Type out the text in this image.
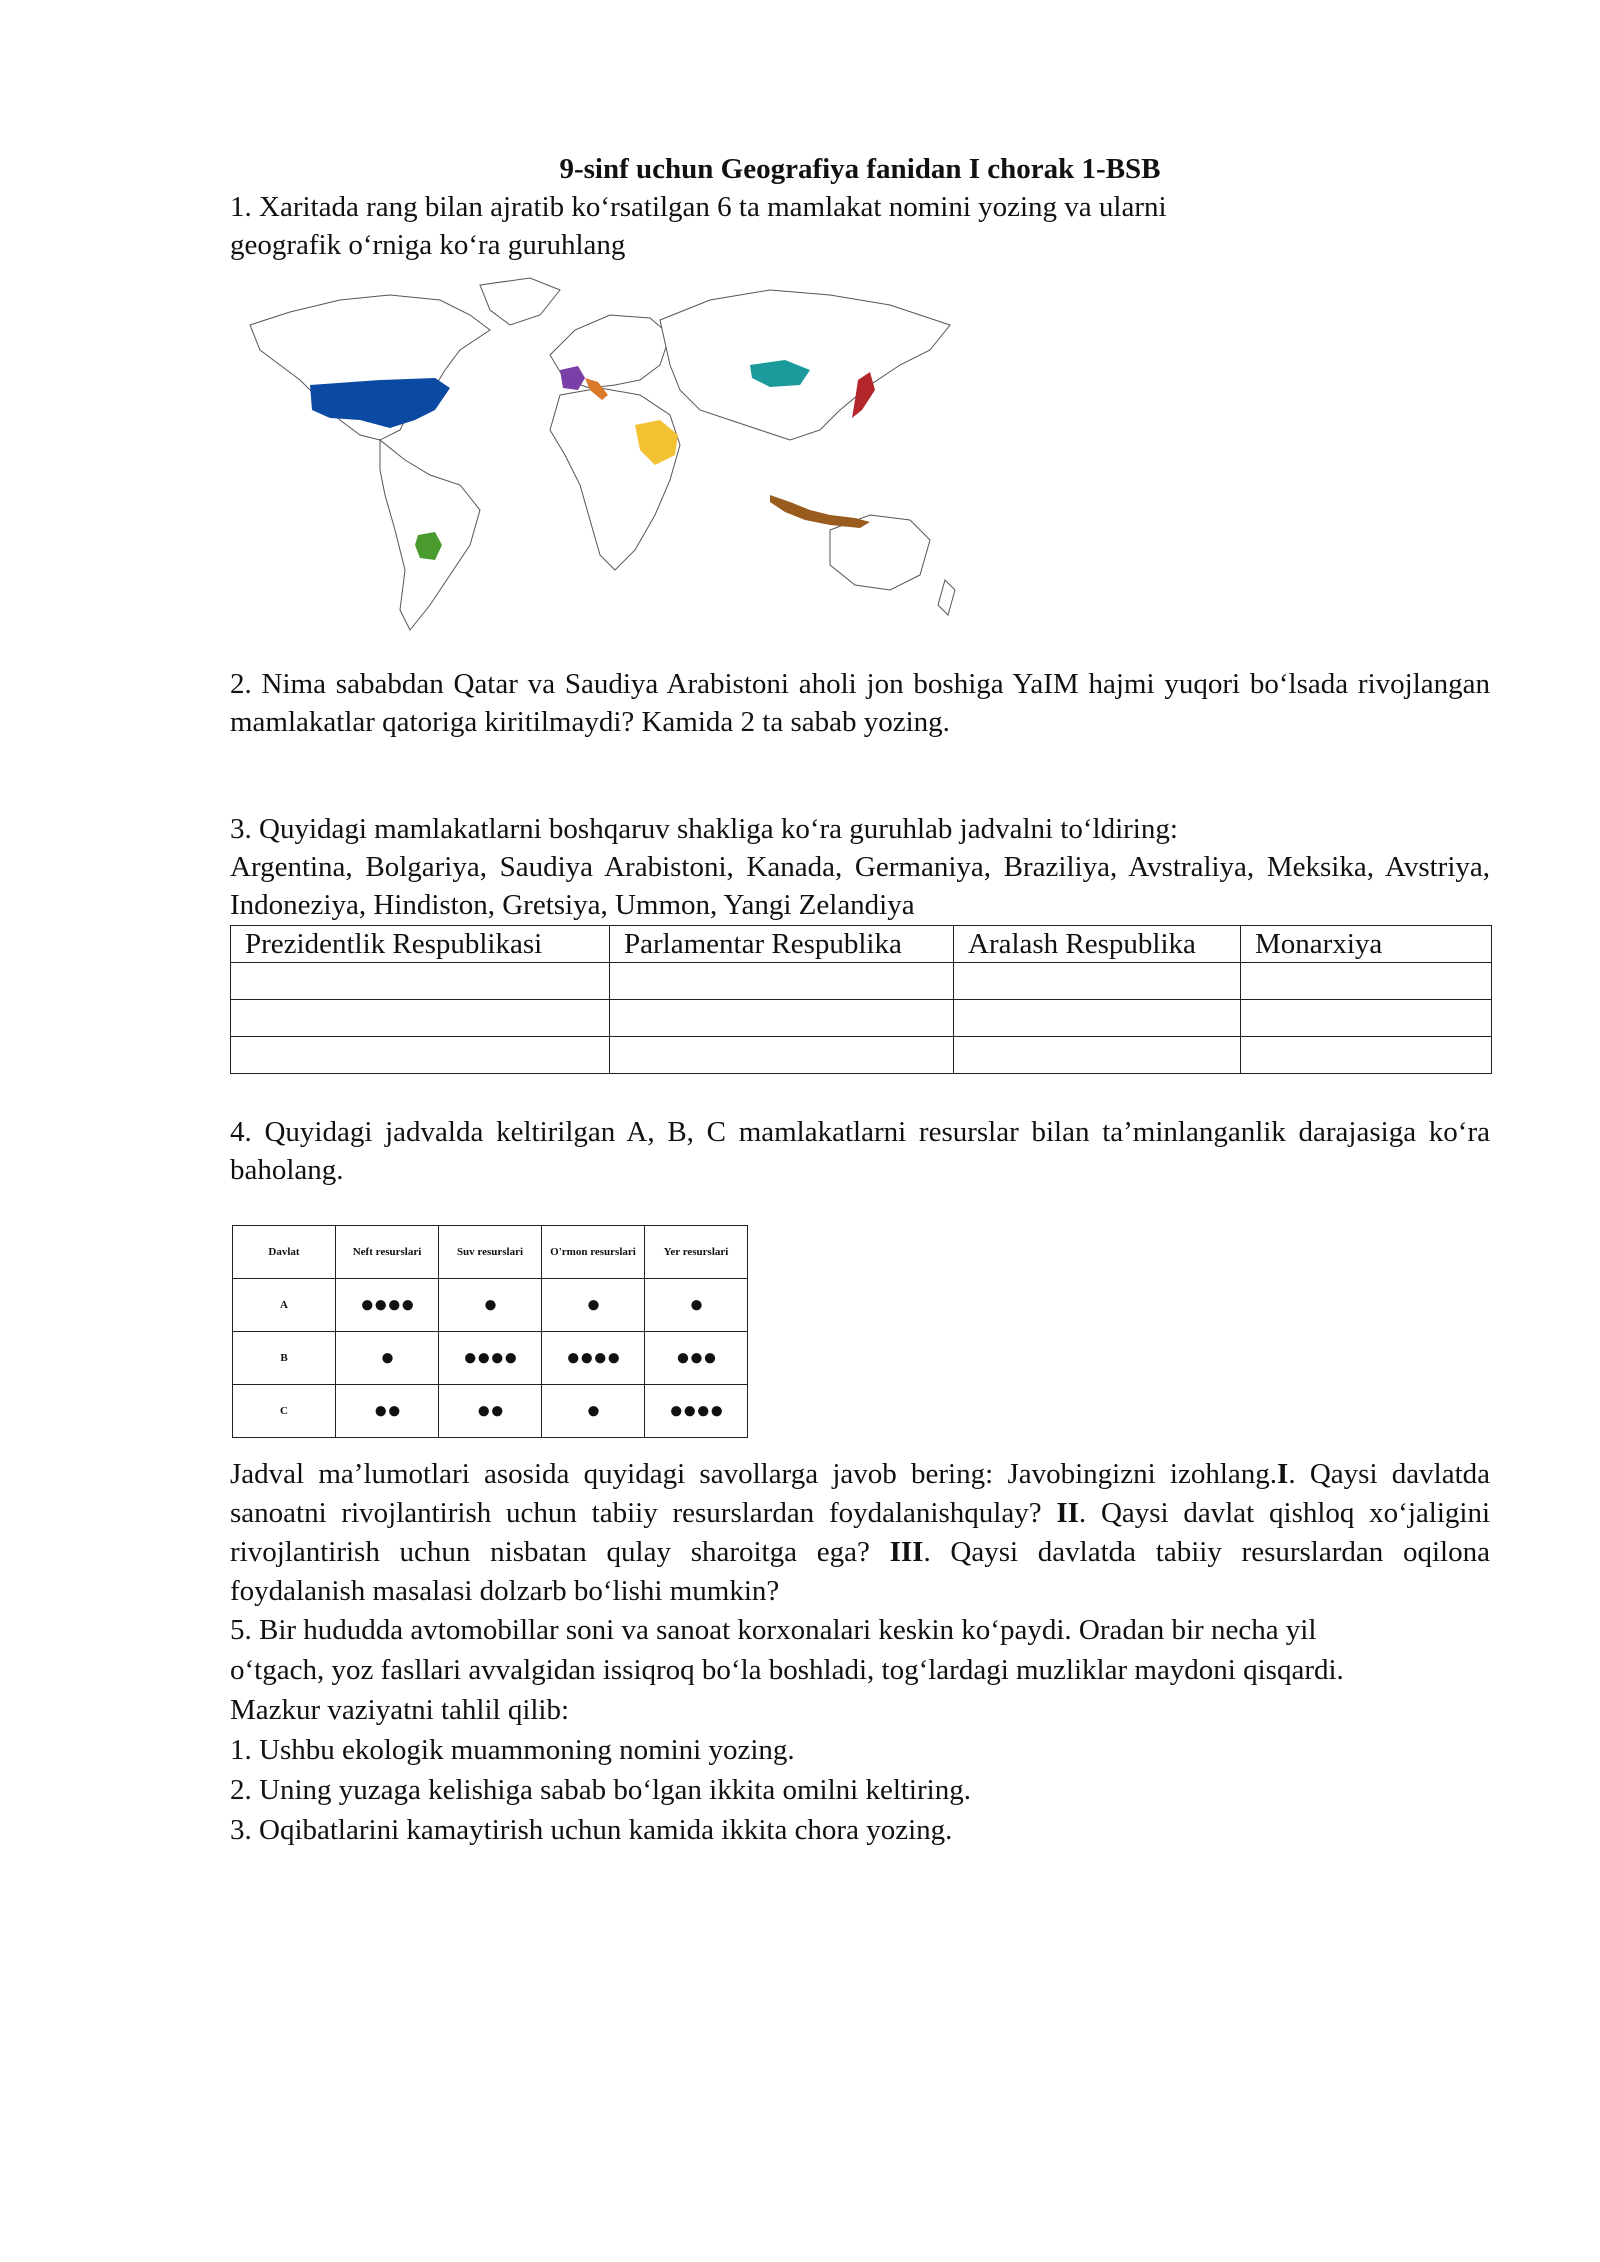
9-sinf uchun Geografiya fanidan I chorak 1-BSB
1. Xaritada rang bilan ajratib ko‘rsatilgan 6 ta mamlakat nomini yozing va ularni
geografik o‘rniga ko‘ra guruhlang
2. Nima sababdan Qatar va Saudiya Arabistoni aholi jon boshiga YaIM hajmi yuqori bo‘lsada rivojlangan mamlakatlar qatoriga kiritilmaydi? Kamida 2 ta sabab yozing.
3. Quyidagi mamlakatlarni boshqaruv shakliga ko‘ra guruhlab jadvalni to‘ldiring:
Argentina, Bolgariya, Saudiya Arabistoni, Kanada, Germaniya, Braziliya, Avstraliya, Meksika, Avstriya, Indoneziya, Hindiston, Gretsiya, Ummon, Yangi Zelandiya
Prezidentlik Respublikasi	Parlamentar Respublika	Aralash Respublika	Monarxiya

4. Quyidagi jadvalda keltirilgan A, B, C mamlakatlarni resurslar bilan ta’minlanganlik darajasiga ko‘ra baholang.
Davlat	Neft resurslari	Suv resurslari	O'rmon resurslari	Yer resurslari
A	●●●●	●	●	●
B	●	●●●●	●●●●	●●●
C	●●	●●	●	●●●●
Jadval ma’lumotlari asosida quyidagi savollarga javob bering: Javobingizni izohlang.I. Qaysi davlatda sanoatni rivojlantirish uchun tabiiy resurslardan foydalanishqulay? II. Qaysi davlat qishloq xo‘jaligini rivojlantirish uchun nisbatan qulay sharoitga ega? III. Qaysi davlatda tabiiy resurslardan oqilona foydalanish masalasi dolzarb bo‘lishi mumkin?
5. Bir hududda avtomobillar soni va sanoat korxonalari keskin ko‘paydi. Oradan bir necha yil
o‘tgach, yoz fasllari avvalgidan issiqroq bo‘la boshladi, tog‘lardagi muzliklar maydoni qisqardi.
Mazkur vaziyatni tahlil qilib:
1. Ushbu ekologik muammoning nomini yozing.
2. Uning yuzaga kelishiga sabab bo‘lgan ikkita omilni keltiring.
3. Oqibatlarini kamaytirish uchun kamida ikkita chora yozing.
